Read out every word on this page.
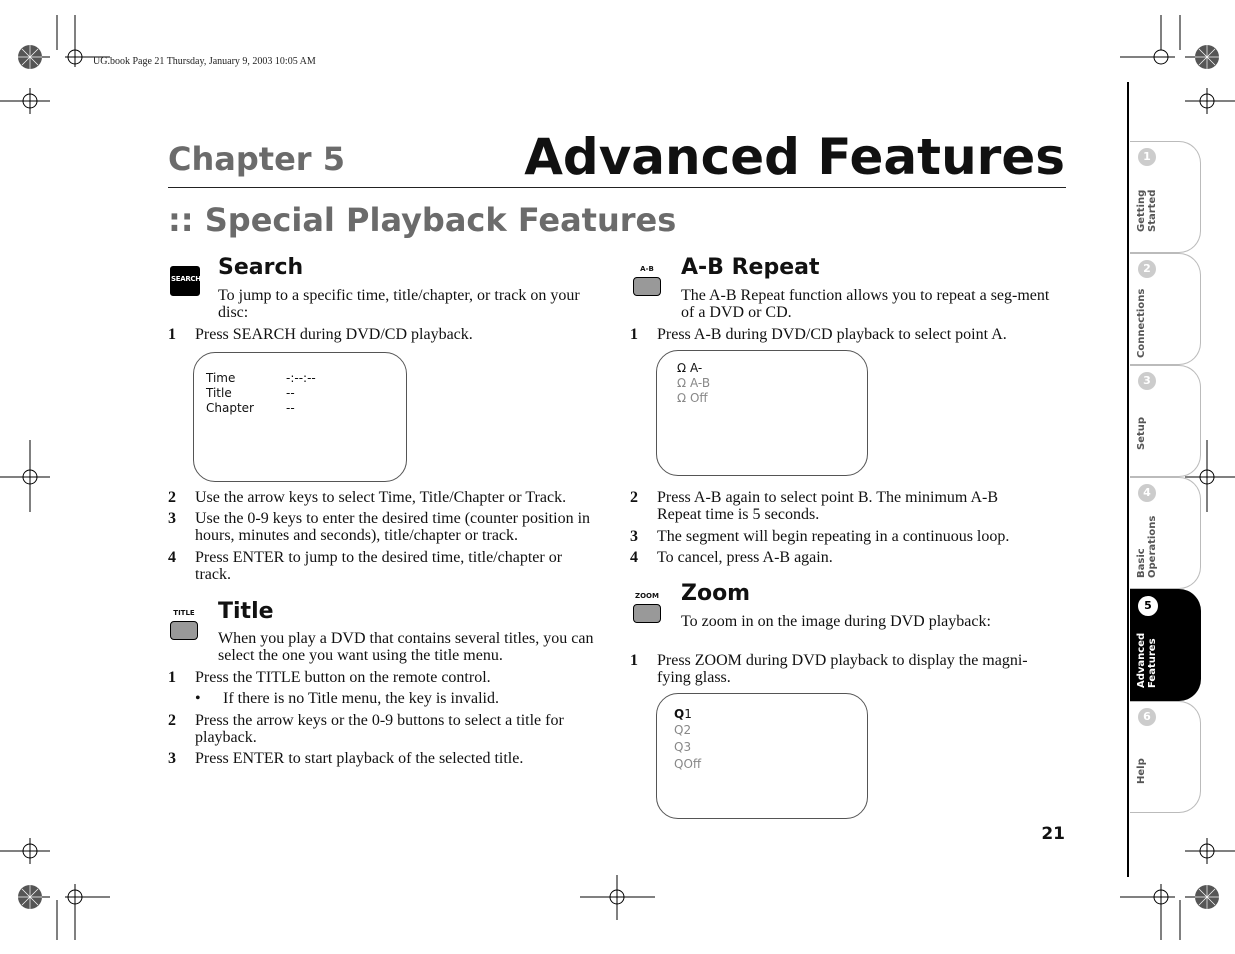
UG.book Page 21 Thursday, January 9, 2003 10:05 AM
Chapter 5	Advanced Features
:: Special Playback Features
SEARCH Search
To jump to a specific time, title/chapter, or track on your disc:
1 Press SEARCH during DVD/CD playback.
Time	-:--:--
Title	--
Chapter	--
2 Use the arrow keys to select Time, Title/Chapter or Track.
3 Use the 0-9 keys to enter the desired time (counter position in hours, minutes and seconds), title/chapter or track.
4 Press ENTER to jump to the desired time, title/chapter or track.
TITLE Title
When you play a DVD that contains several titles, you can select the one you want using the title menu.
1 Press the TITLE button on the remote control.
• If there is no Title menu, the key is invalid.
2 Press the arrow keys or the 0-9 buttons to select a title for playback.
3 Press ENTER to start playback of the selected title.
A-B	A-B Repeat
The A-B Repeat function allows you to repeat a seg-ment of a DVD or CD.
1 Press A-B during DVD/CD playback to select point A.
Ω A-
Ω A-B
Ω Off
2 Press A-B again to select point B. The minimum A-B Repeat time is 5 seconds.
3 The segment will begin repeating in a continuous loop.
4 To cancel, press A-B again.
ZOOM Zoom
To zoom in on the image during DVD playback:
1 Press ZOOM during DVD playback to display the magni-fying glass.
Q1
Q2
Q3
QOff
21
1
Getting
Started
2
Connections
3
Setup
4
Basic
Operations
5
Advanced
Features
6
Help
